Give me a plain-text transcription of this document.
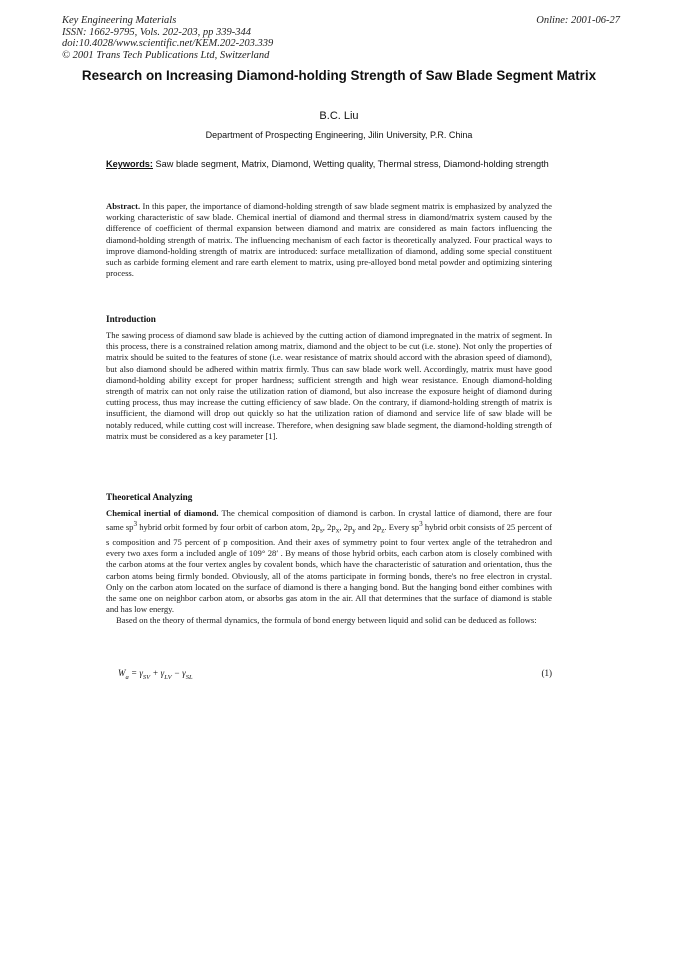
Key Engineering Materials
ISSN: 1662-9795, Vols. 202-203, pp 339-344
doi:10.4028/www.scientific.net/KEM.202-203.339
© 2001 Trans Tech Publications Ltd, Switzerland
Online: 2001-06-27
Research on Increasing Diamond-holding Strength of Saw Blade Segment Matrix
B.C. Liu
Department of Prospecting Engineering, Jilin University, P.R. China
Keywords: Saw blade segment, Matrix, Diamond, Wetting quality, Thermal stress, Diamond-holding strength

Abstract. In this paper, the importance of diamond-holding strength of saw blade segment matrix is emphasized by analyzed the working characteristic of saw blade. Chemical inertial of diamond and thermal stress in diamond/matrix system caused by the difference of coefficient of thermal expansion between diamond and matrix are considered as main factors influencing the diamond-holding strength of matrix. The influencing mechanism of each factor is theoretically analyzed. Four practical ways to improve diamond-holding strength of matrix are introduced: surface metallization of diamond, adding some special constituent such as carbide forming element and rare earth element to matrix, using pre-alloyed bond metal powder and optimizing sintering process.

Introduction

The sawing process of diamond saw blade is achieved by the cutting action of diamond impregnated in the matrix of segment. In this process, there is a constrained relation among matrix, diamond and the object to be cut (i.e. stone). Not only the properties of matrix should be suited to the features of stone (i.e. wear resistance of matrix should accord with the abrasion speed of diamond), but also diamond should be adhered within matrix firmly. Thus can saw blade work well. Accordingly, matrix must have good diamond-holding ability except for proper hardness; sufficient strength and high wear resistance. Enough diamond-holding strength of matrix can not only raise the utilization ration of diamond, but also increase the exposure height of diamond during cutting process, thus may increase the cutting efficiency of saw blade. On the contrary, if diamond-holding strength of matrix is insufficient, the diamond will drop out quickly so hat the utilization ration of diamond and service life of saw blade will be notably reduced, while cutting cost will increase. Therefore, when designing saw blade segment, the diamond-holding strength of matrix must be considered as a key parameter [1].

Theoretical Analyzing

Chemical inertial of diamond. The chemical composition of diamond is carbon. In crystal lattice of diamond, there are four same $sp^3$ hybrid orbit formed by four orbit of carbon atom, $2p_s$, $2p_x$, $2p_y$ and $2p_z$. Every $sp^3$ hybrid orbit consists of 25 percent of s composition and 75 percent of p composition. And their axes of symmetry point to four vertex angle of the tetrahedron and every two axes form a included angle of 109° 28′ . By means of those hybrid orbits, each carbon atom is closely combined with the carbon atoms at the four vertex angles by covalent bonds, which have the characteristic of saturation and orientation, thus the carbon atoms being firmly bonded. Obviously, all of the atoms participate in forming bonds, there's no free electron in crystal. Only on the carbon atom located on the surface of diamond is there a hanging bond. But the hanging bond either combines with the same one on neighbor carbon atom, or absorbs gas atom in the air. All that determines that the surface of diamond is stable and has low energy.

Based on the theory of thermal dynamics, the formula of bond energy between liquid and solid can be deduced as follows:

$W_a = \gamma_{SV} + \gamma_{LV} - \gamma_{SL}$	(1)
